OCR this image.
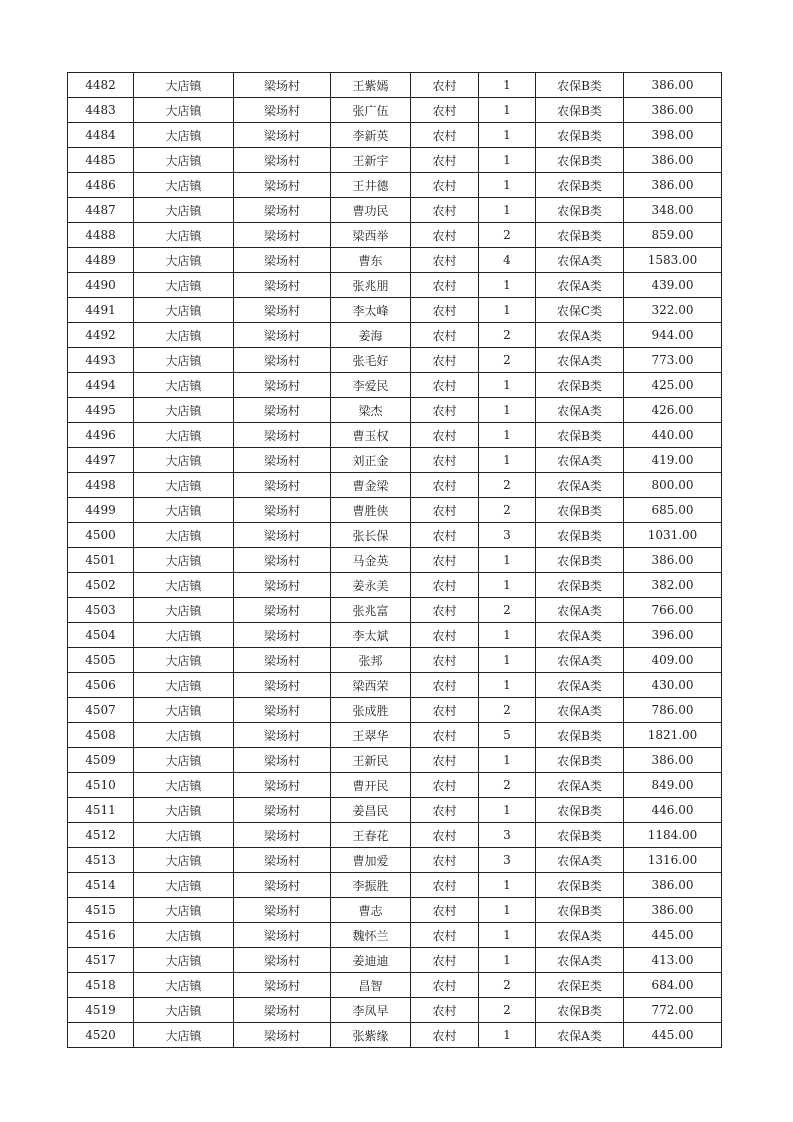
4482	大店镇	梁场村	王紫嫣	农村	1	农保B类	386.00
4483	大店镇	梁场村	张广伍	农村	1	农保B类	386.00
4484	大店镇	梁场村	李新英	农村	1	农保B类	398.00
4485	大店镇	梁场村	王新宇	农村	1	农保B类	386.00
4486	大店镇	梁场村	王井德	农村	1	农保B类	386.00
4487	大店镇	梁场村	曹功民	农村	1	农保B类	348.00
4488	大店镇	梁场村	梁西举	农村	2	农保B类	859.00
4489	大店镇	梁场村	曹东	农村	4	农保A类	1583.00
4490	大店镇	梁场村	张兆朋	农村	1	农保A类	439.00
4491	大店镇	梁场村	李太峰	农村	1	农保C类	322.00
4492	大店镇	梁场村	姜海	农村	2	农保A类	944.00
4493	大店镇	梁场村	张毛好	农村	2	农保A类	773.00
4494	大店镇	梁场村	李爱民	农村	1	农保B类	425.00
4495	大店镇	梁场村	梁杰	农村	1	农保A类	426.00
4496	大店镇	梁场村	曹玉权	农村	1	农保B类	440.00
4497	大店镇	梁场村	刘正金	农村	1	农保A类	419.00
4498	大店镇	梁场村	曹金梁	农村	2	农保A类	800.00
4499	大店镇	梁场村	曹胜侠	农村	2	农保B类	685.00
4500	大店镇	梁场村	张长保	农村	3	农保B类	1031.00
4501	大店镇	梁场村	马金英	农村	1	农保B类	386.00
4502	大店镇	梁场村	姜永美	农村	1	农保B类	382.00
4503	大店镇	梁场村	张兆富	农村	2	农保A类	766.00
4504	大店镇	梁场村	李太斌	农村	1	农保A类	396.00
4505	大店镇	梁场村	张邦	农村	1	农保A类	409.00
4506	大店镇	梁场村	梁西荣	农村	1	农保A类	430.00
4507	大店镇	梁场村	张成胜	农村	2	农保A类	786.00
4508	大店镇	梁场村	王翠华	农村	5	农保B类	1821.00
4509	大店镇	梁场村	王新民	农村	1	农保B类	386.00
4510	大店镇	梁场村	曹开民	农村	2	农保A类	849.00
4511	大店镇	梁场村	姜昌民	农村	1	农保B类	446.00
4512	大店镇	梁场村	王春花	农村	3	农保B类	1184.00
4513	大店镇	梁场村	曹加爱	农村	3	农保A类	1316.00
4514	大店镇	梁场村	李振胜	农村	1	农保B类	386.00
4515	大店镇	梁场村	曹志	农村	1	农保B类	386.00
4516	大店镇	梁场村	魏怀兰	农村	1	农保A类	445.00
4517	大店镇	梁场村	姜迪迪	农村	1	农保A类	413.00
4518	大店镇	梁场村	昌智	农村	2	农保E类	684.00
4519	大店镇	梁场村	李凤早	农村	2	农保B类	772.00
4520	大店镇	梁场村	张紫缘	农村	1	农保A类	445.00
